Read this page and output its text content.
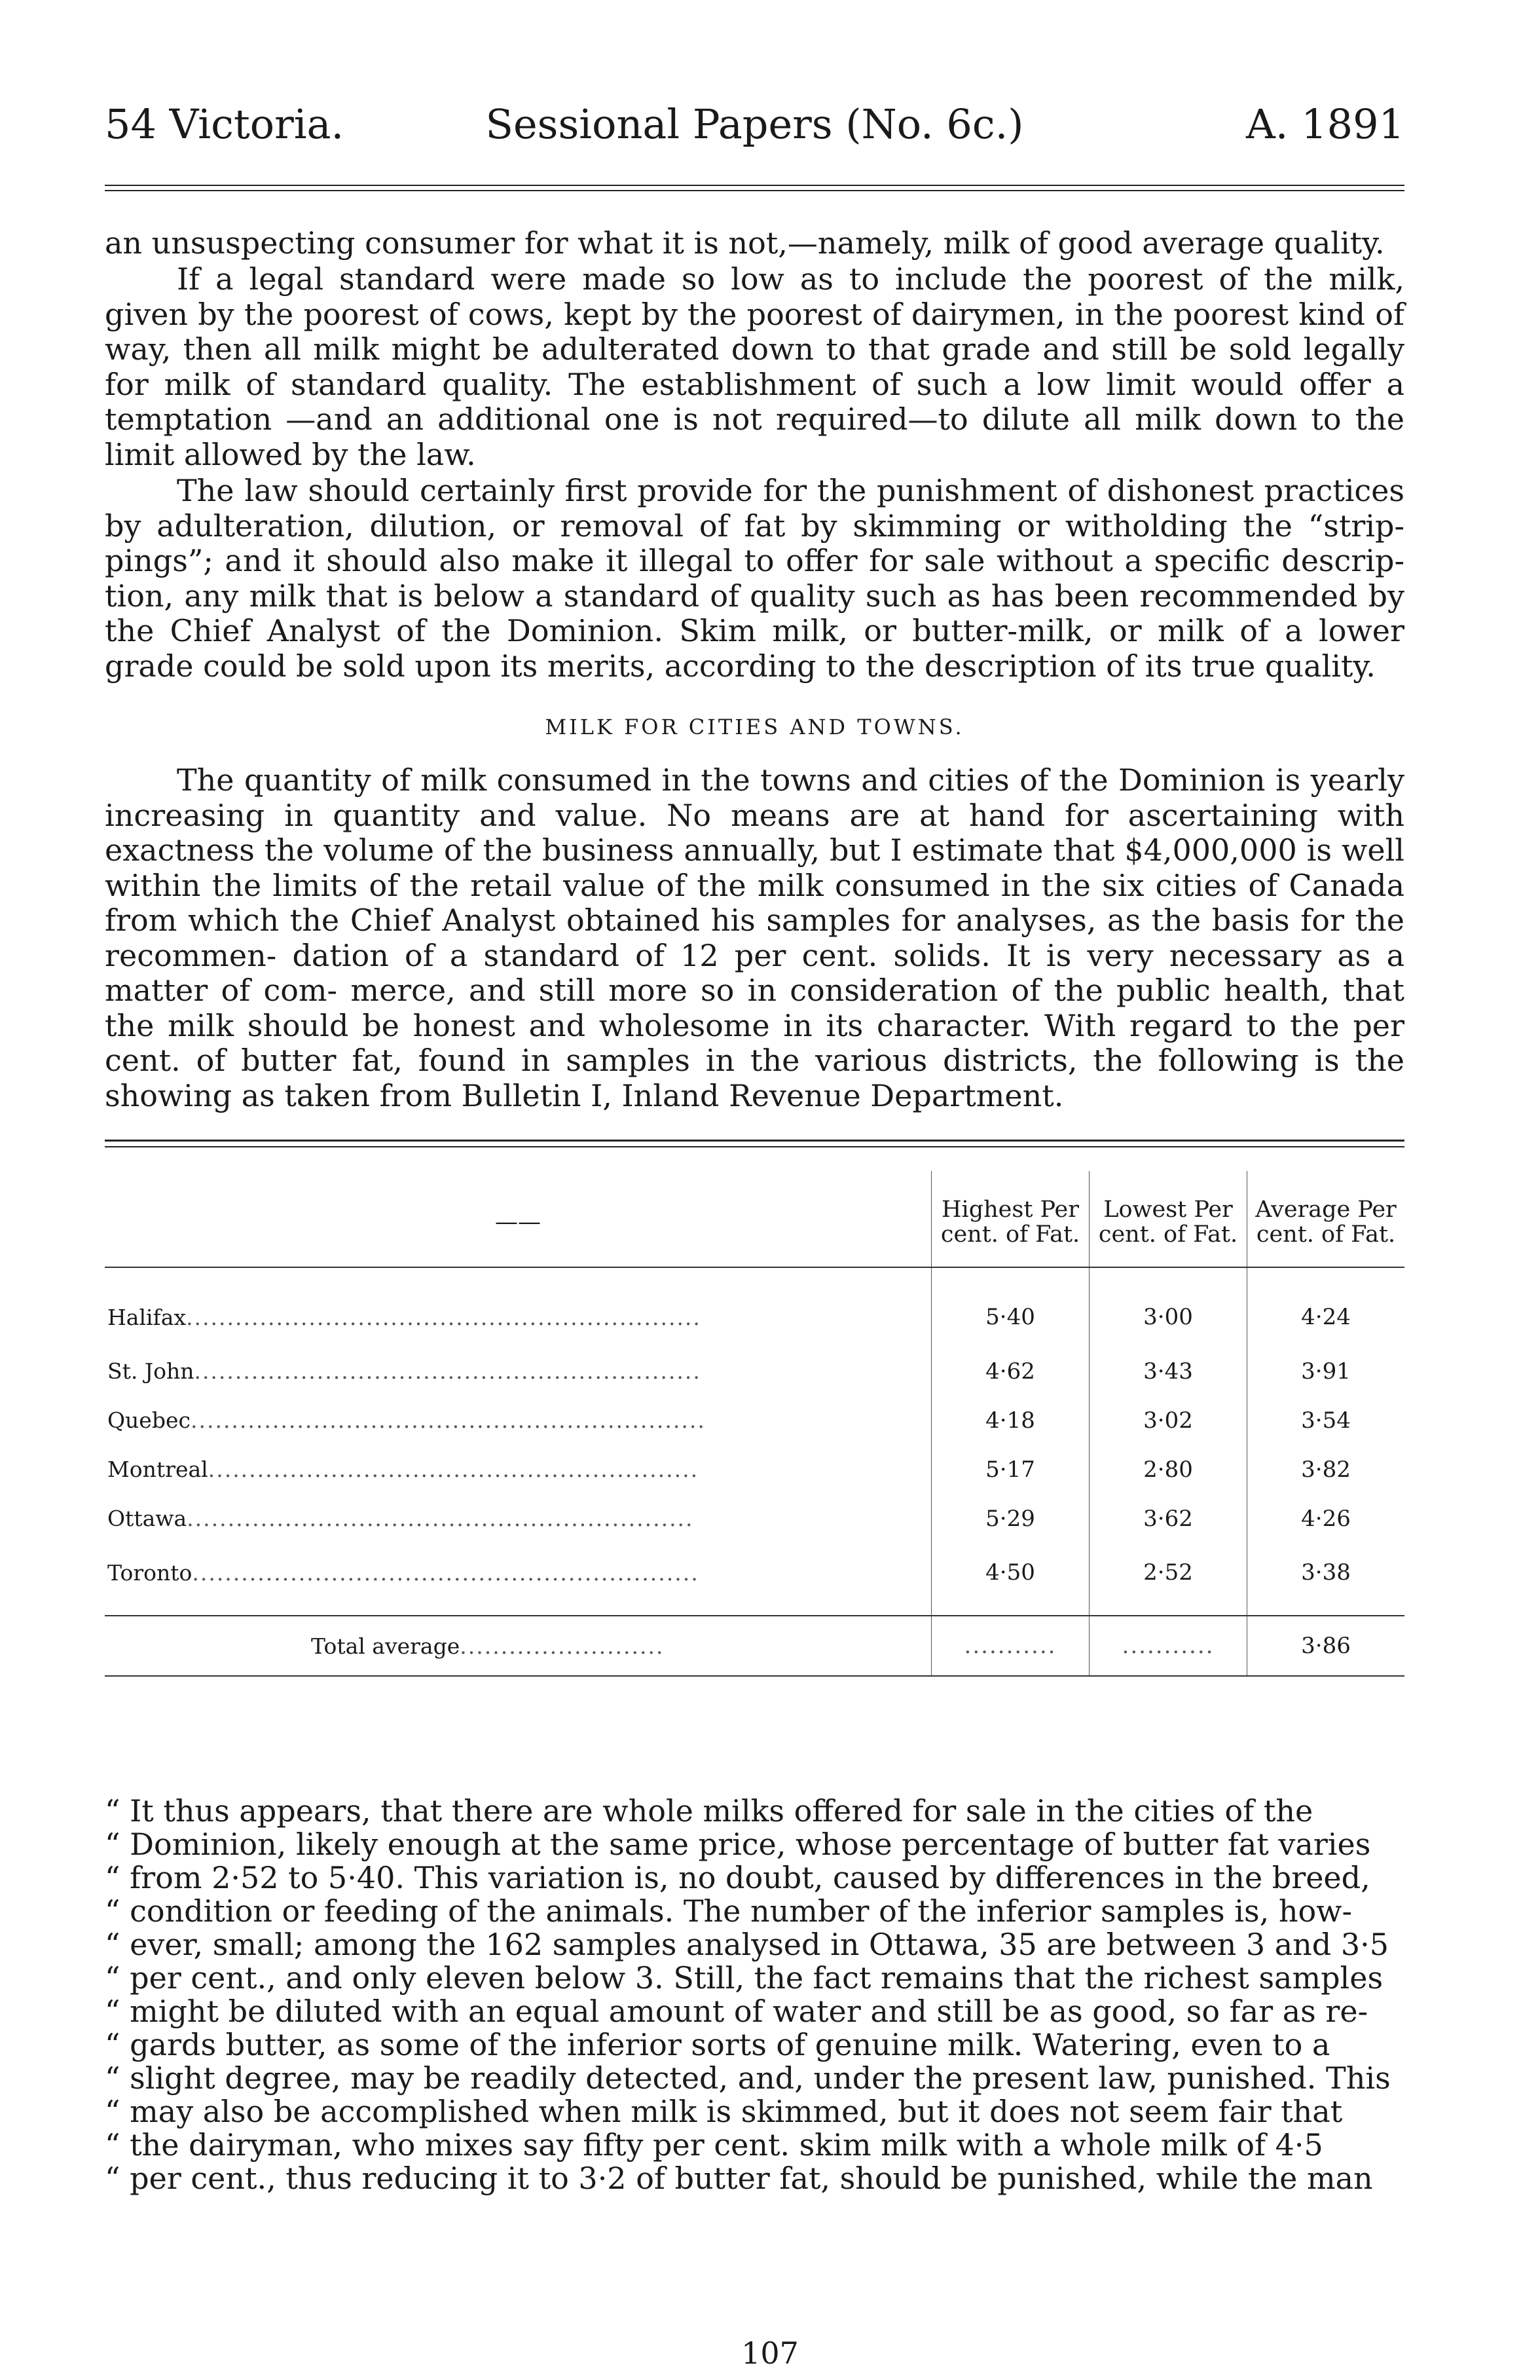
54 Victoria.	Sessional Papers (No. 6c.)	A. 1891

an unsuspecting consumer for what it is not,—namely, milk of good average quality.

If a legal standard were made so low as to include the poorest of the milk, given by the poorest of cows, kept by the poorest of dairymen, in the poorest kind of way, then all milk might be adulterated down to that grade and still be sold legally for milk of standard quality. The establishment of such a low limit would offer a temptation —and an additional one is not required—to dilute all milk down to the limit allowed by the law.

The law should certainly first provide for the punishment of dishonest practices by adulteration, dilution, or removal of fat by skimming or witholding the “strip- pings”; and it should also make it illegal to offer for sale without a specific descrip- tion, any milk that is below a standard of quality such as has been recommended by the Chief Analyst of the Dominion. Skim milk, or butter-milk, or milk of a lower grade could be sold upon its merits, according to the description of its true quality.

MILK FOR CITIES AND TOWNS.

The quantity of milk consumed in the towns and cities of the Dominion is yearly increasing in quantity and value. No means are at hand for ascertaining with exactness the volume of the business annually, but I estimate that $4,000,000 is well within the limits of the retail value of the milk consumed in the six cities of Canada from which the Chief Analyst obtained his samples for analyses, as the basis for the recommen- dation of a standard of 12 per cent. solids. It is very necessary as a matter of com- merce, and still more so in consideration of the public health, that the milk should be honest and wholesome in its character. With regard to the per cent. of butter fat, found in samples in the various districts, the following is the showing as taken from Bulletin I, Inland Revenue Department.

——	Highest Per cent. of Fat.	Lowest Per cent. of Fat.	Average Per cent. of Fat.
Halifax...............................................................	5·40	3·00	4·24
St. John..............................................................	4·62	3·43	3·91
Quebec...............................................................	4·18	3·02	3·54
Montreal............................................................	5·17	2·80	3·82
Ottawa..............................................................	5·29	3·62	4·26
Toronto..............................................................	4·50	2·52	3·38
Total average.........................	...........	...........	3·86
“ It thus appears, that there are whole milks offered for sale in the cities of the
“ Dominion, likely enough at the same price, whose percentage of butter fat varies
“ from 2·52 to 5·40. This variation is, no doubt, caused by differences in the breed,
“ condition or feeding of the animals. The number of the inferior samples is, how-
“ ever, small; among the 162 samples analysed in Ottawa, 35 are between 3 and 3·5
“ per cent., and only eleven below 3. Still, the fact remains that the richest samples
“ might be diluted with an equal amount of water and still be as good, so far as re-
“ gards butter, as some of the inferior sorts of genuine milk. Watering, even to a
“ slight degree, may be readily detected, and, under the present law, punished. This
“ may also be accomplished when milk is skimmed, but it does not seem fair that
“ the dairyman, who mixes say fifty per cent. skim milk with a whole milk of 4·5
“ per cent., thus reducing it to 3·2 of butter fat, should be punished, while the man
107
